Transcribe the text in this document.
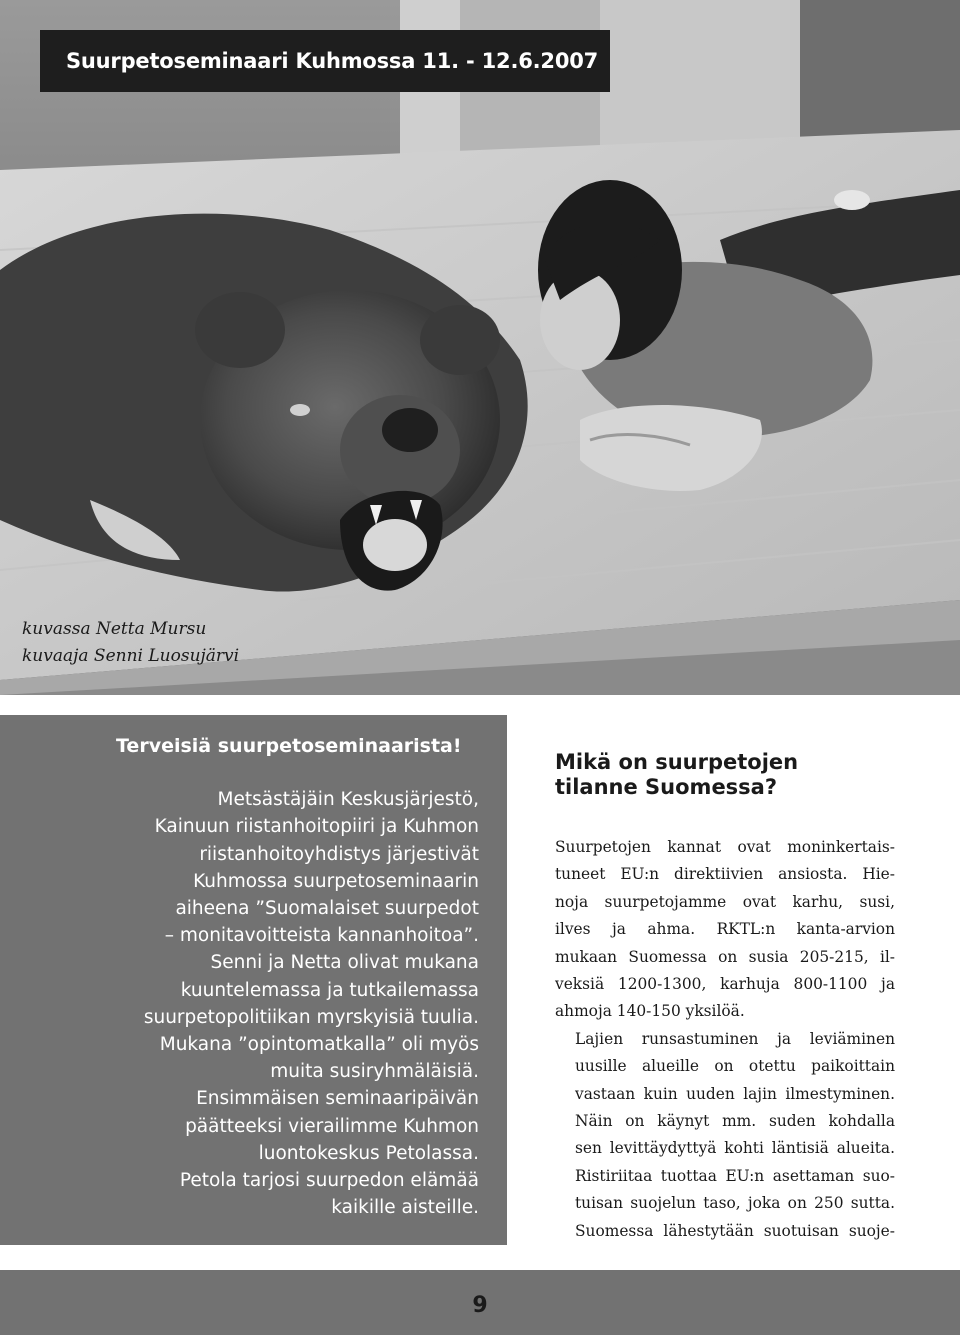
Suurpetoseminaari Kuhmossa 11. - 12.6.2007
kuvassa Netta Mursu
kuvaaja Senni Luosujärvi

Terveisiä suurpetoseminaarista!

Metsästäjäin Keskusjärjestö,

Kainuun riistanhoitopiiri ja Kuhmon

riistanhoitoyhdistys järjestivät

Kuhmossa suurpetoseminaarin

aiheena ”Suomalaiset suurpedot

– monitavoitteista kannanhoitoa”.

Senni ja Netta olivat mukana

kuuntelemassa ja tutkailemassa

suurpetopolitiikan myrskyisiä tuulia.

Mukana ”opintomatkalla” oli myös

muita susiryhmäläisiä.

Ensimmäisen seminaaripäivän

päätteeksi vierailimme Kuhmon

luontokeskus Petolassa.

Petola tarjosi suurpedon elämää

kaikille aisteille.

Mikä on suurpetojen
tilanne Suomessa?

Suurpetojen kannat ovat moninkertais-
tuneet EU:n direktiivien ansiosta. Hie-
noja suurpetojamme ovat karhu, susi,
ilves ja ahma. RKTL:n kanta-arvion
mukaan Suomessa on susia 205-215, il-
veksiä 1200-1300, karhuja 800-1100 ja
ahmoja 140-150 yksilöä.

Lajien runsastuminen ja leviäminen
uusille alueille on otettu paikoittain
vastaan kuin uuden lajin ilmestyminen.
Näin on käynyt mm. suden kohdalla
sen levittäydyttyä kohti läntisiä alueita.
Ristiriitaa tuottaa EU:n asettaman suo-
tuisan suojelun taso, joka on 250 sutta.
Suomessa lähestytään suotuisan suoje-

9
